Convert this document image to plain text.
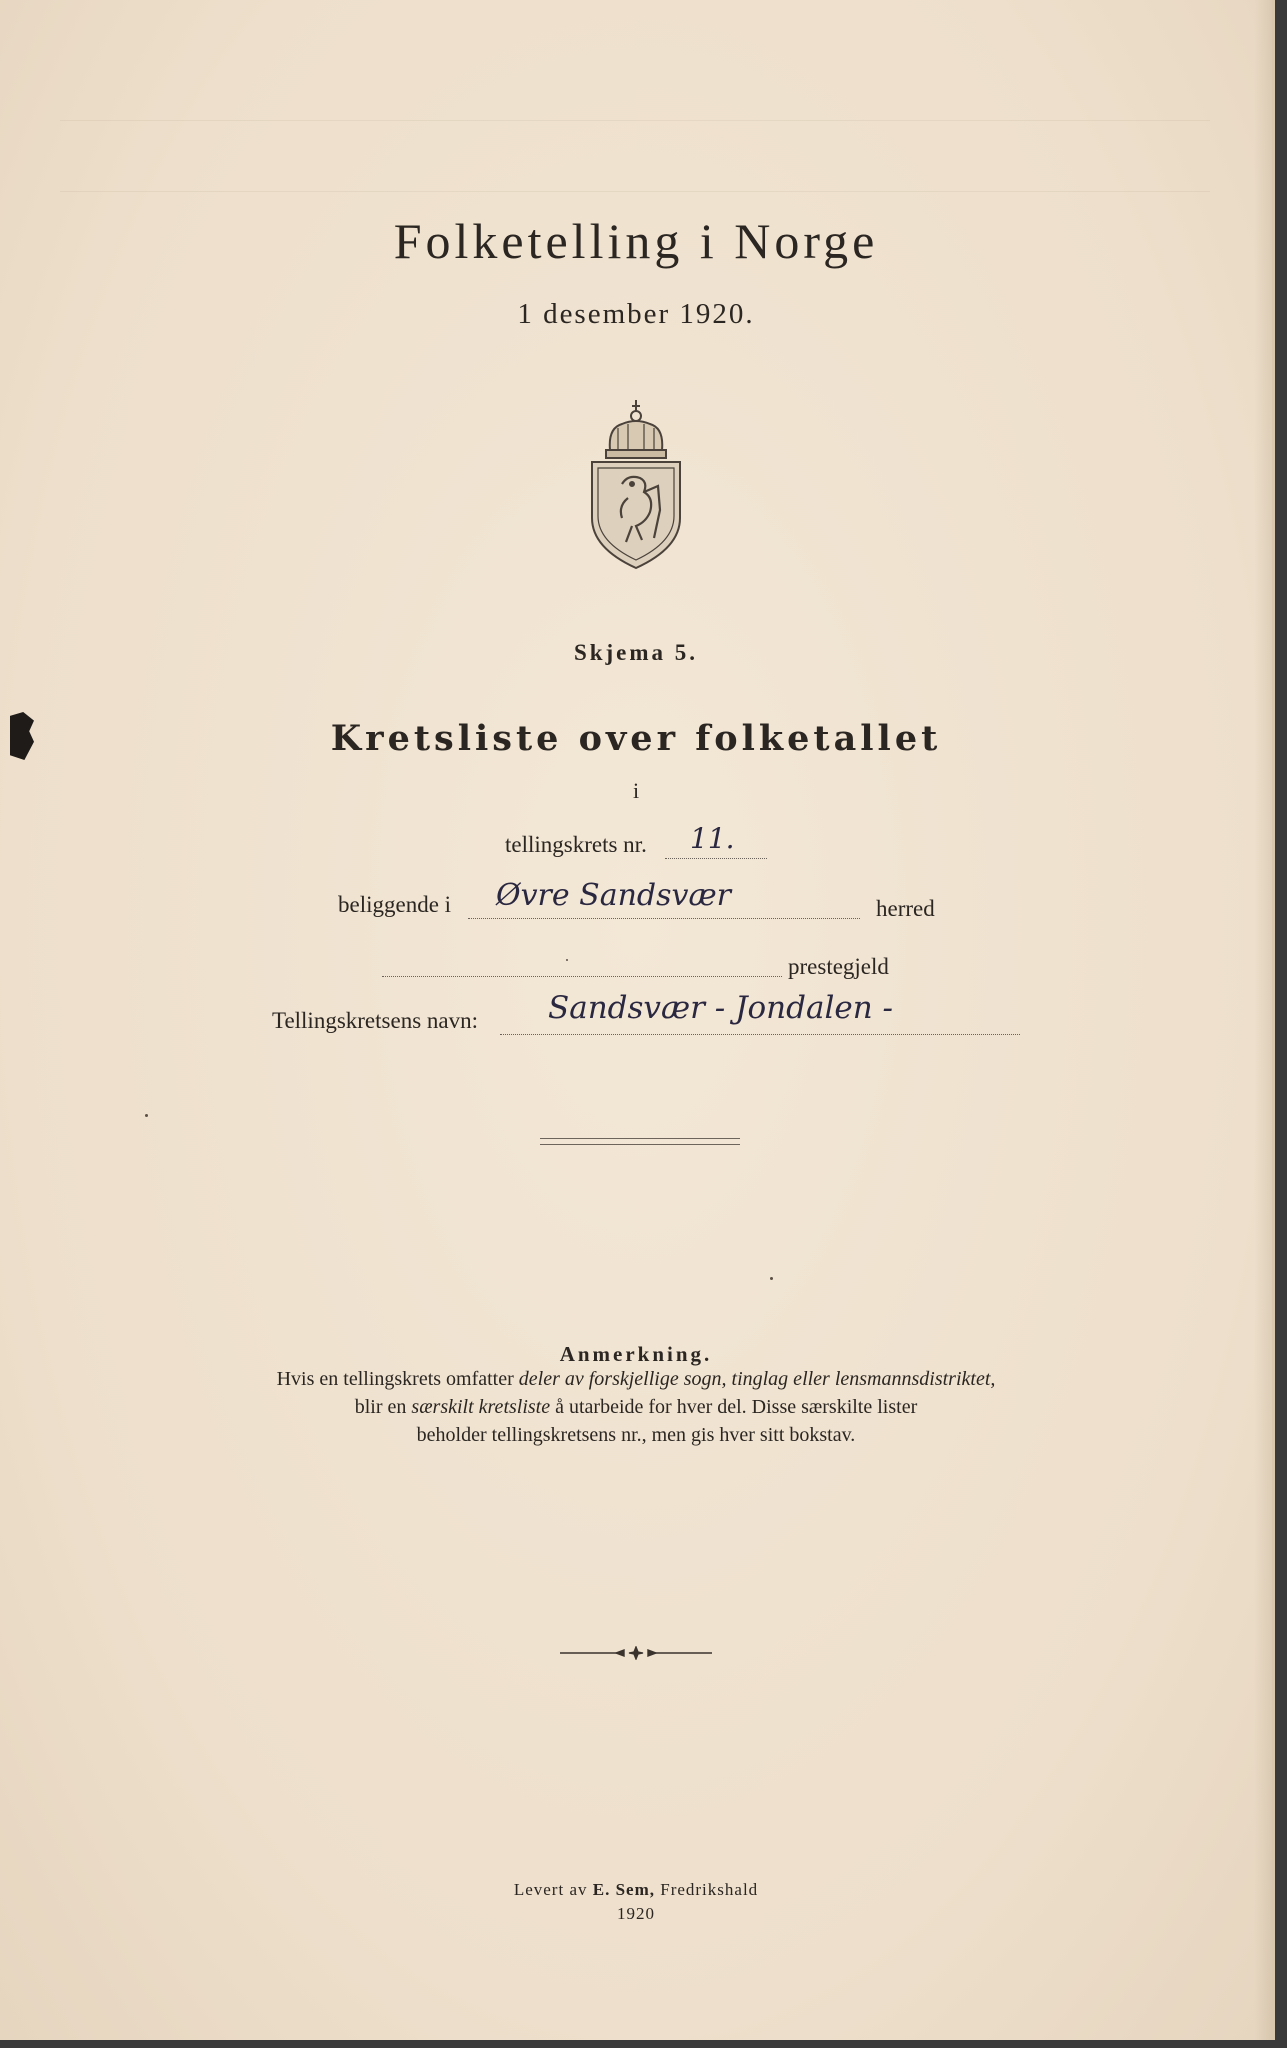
Folketelling i Norge
1 desember 1920.
Skjema 5.
Kretsliste over folketallet
i
tellingskrets nr. 11.
beliggende i Øvre Sandsvær	herred
prestegjeld
Tellingskretsens navn: Sandsvær - Jondalen -
Anmerkning.
Hvis en tellingskrets omfatter deler av forskjellige sogn, tinglag eller lensmannsdistriktet,
blir en særskilt kretsliste å utarbeide for hver del. Disse særskilte lister
beholder tellingskretsens nr., men gis hver sitt bokstav.
Levert av E. Sem, Fredrikshald
1920
